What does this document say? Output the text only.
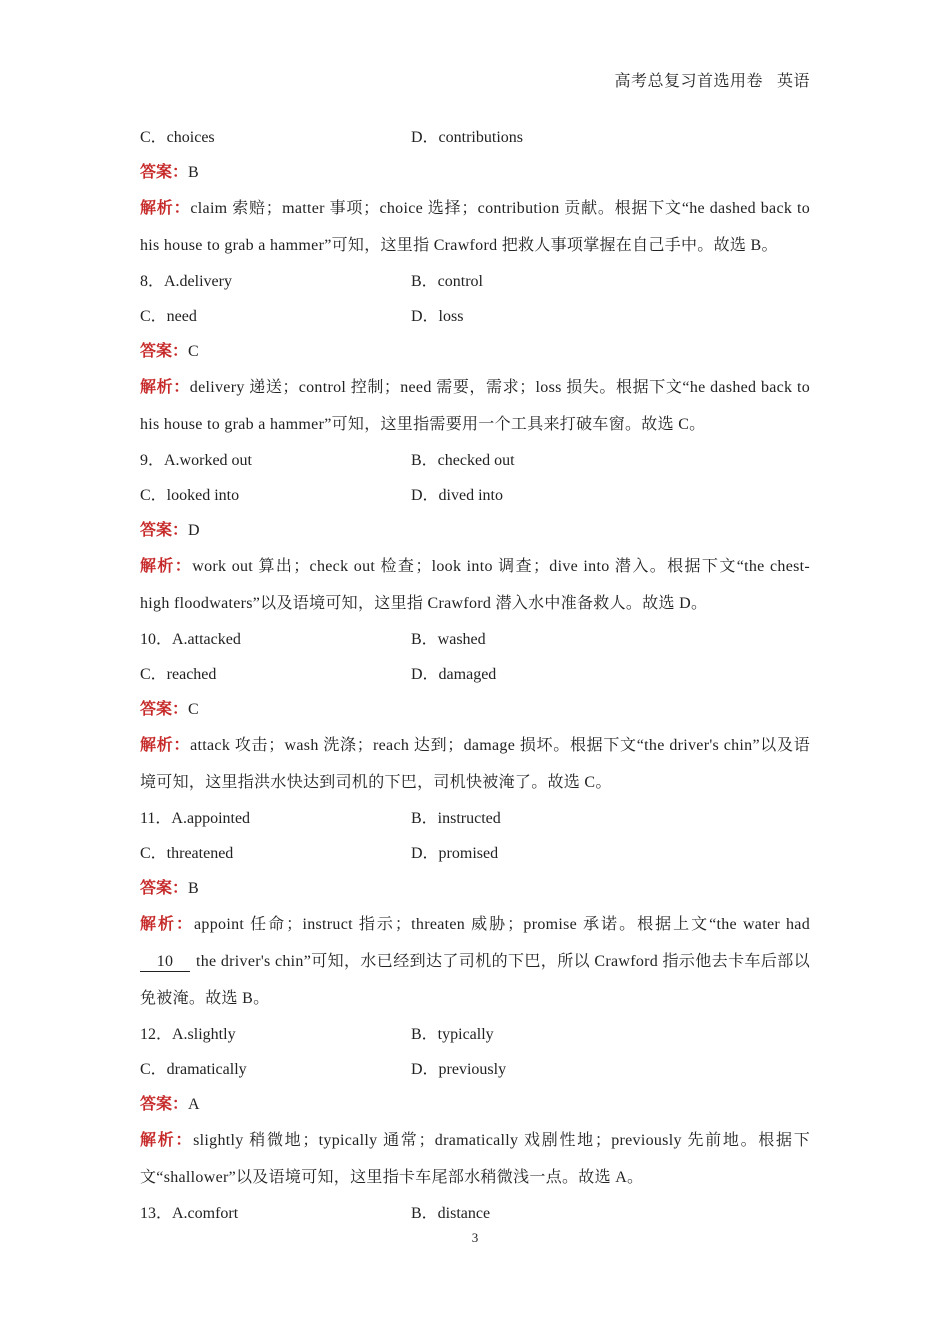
高考总复习首选用卷 英语
C．choices	D．contributions
答案：B
解析：claim 索赔；matter 事项；choice 选择；contribution 贡献。根据下文“he dashed back to his house to grab a hammer”可知，这里指 Crawford 把救人事项掌握在自己手中。故选 B。
8．A.delivery	B．control
C．need	D．loss
答案：C
解析：delivery 递送；control 控制；need 需要，需求；loss 损失。根据下文“he dashed back to his house to grab a hammer”可知，这里指需要用一个工具来打破车窗。故选 C。
9．A.worked out	B．checked out
C．looked into	D．dived into
答案：D
解析：work out 算出；check out 检查；look into 调查；dive into 潜入。根据下文“the chest-high floodwaters”以及语境可知，这里指 Crawford 潜入水中准备救人。故选 D。
10．A.attacked	B．washed
C．reached	D．damaged
答案：C
解析：attack 攻击；wash 洗涤；reach 达到；damage 损坏。根据下文“the driver's chin”以及语境可知，这里指洪水快达到司机的下巴，司机快被淹了。故选 C。
11．A.appointed	B．instructed
C．threatened	D．promised
答案：B
解析：appoint 任命；instruct 指示；threaten 威胁；promise 承诺。根据上文“the water had 10 the driver's chin”可知，水已经到达了司机的下巴，所以 Crawford 指示他去卡车后部以免被淹。故选 B。
12．A.slightly	B．typically
C．dramatically	D．previously
答案：A
解析：slightly 稍微地；typically 通常；dramatically 戏剧性地；previously 先前地。根据下文“shallower”以及语境可知，这里指卡车尾部水稍微浅一点。故选 A。
13．A.comfort	B．distance
3
